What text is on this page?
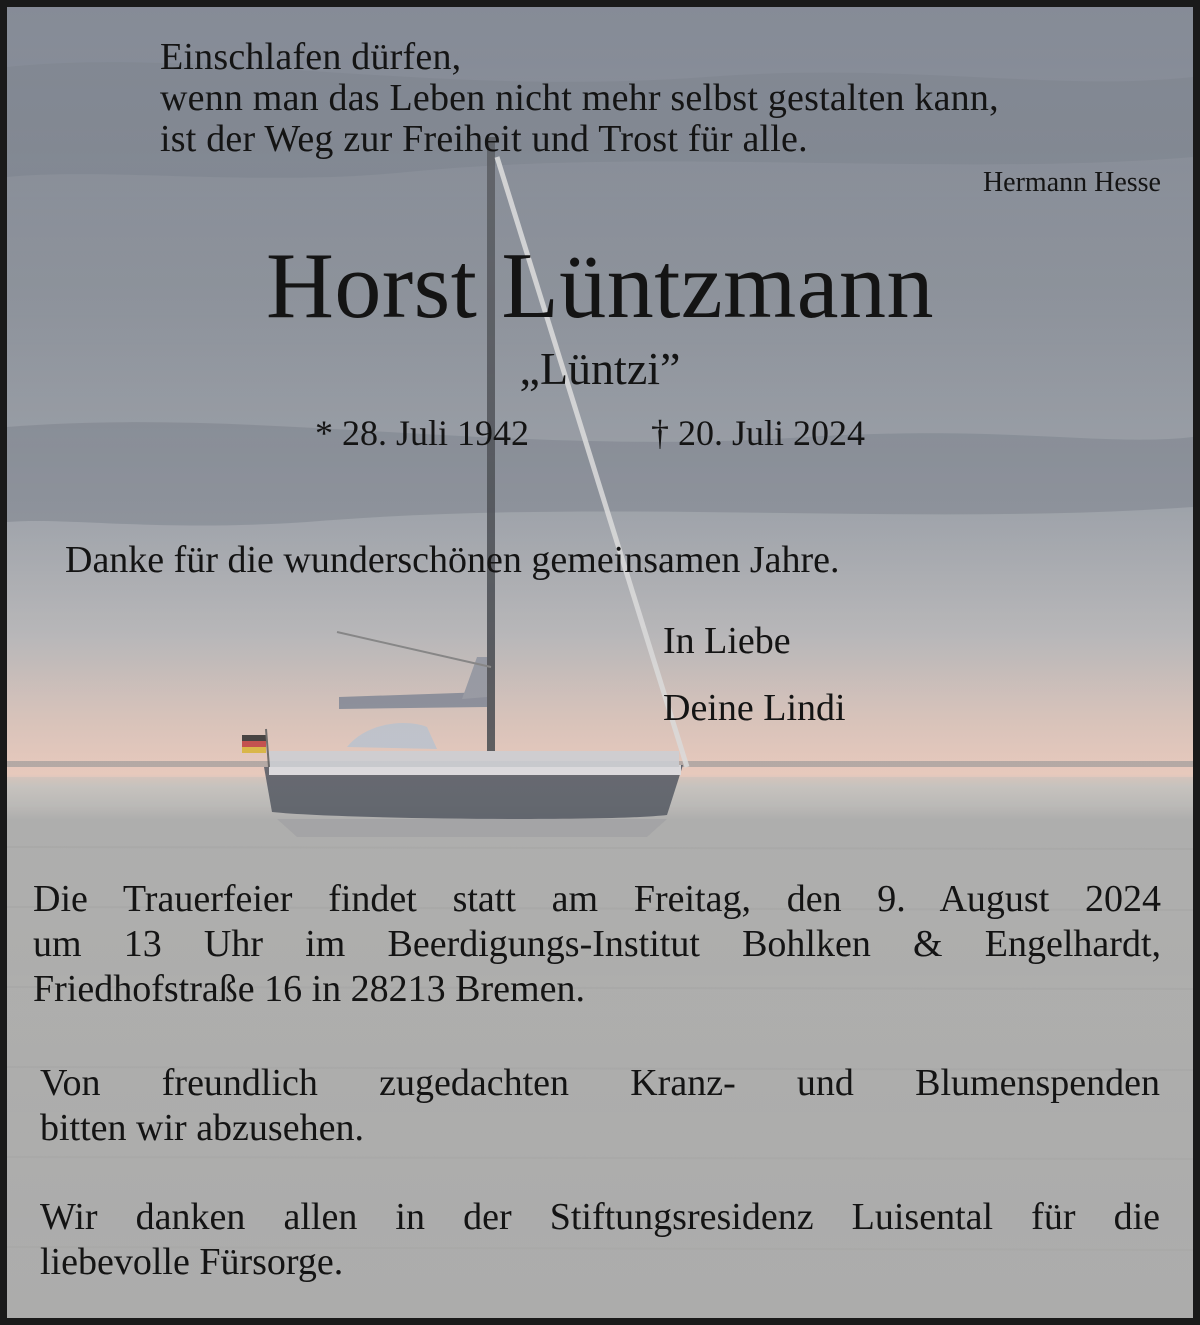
Einschlafen dürfen,
wenn man das Leben nicht mehr selbst gestalten kann,
ist der Weg zur Freiheit und Trost für alle.
Hermann Hesse
Horst Lüntzmann
„Lüntzi”
* 28. Juli 1942	† 20. Juli 2024
Danke für die wunderschönen gemeinsamen Jahre.
In Liebe
Deine Lindi

Die Trauerfeier findet statt am Freitag, den 9. August 2024
um 13 Uhr im Beerdigungs-Institut Bohlken & Engelhardt,
Friedhofstraße 16 in 28213 Bremen.

Von freundlich zugedachten Kranz- und Blumenspenden
bitten wir abzusehen.

Wir danken allen in der Stiftungsresidenz Luisental für die
liebevolle Fürsorge.
